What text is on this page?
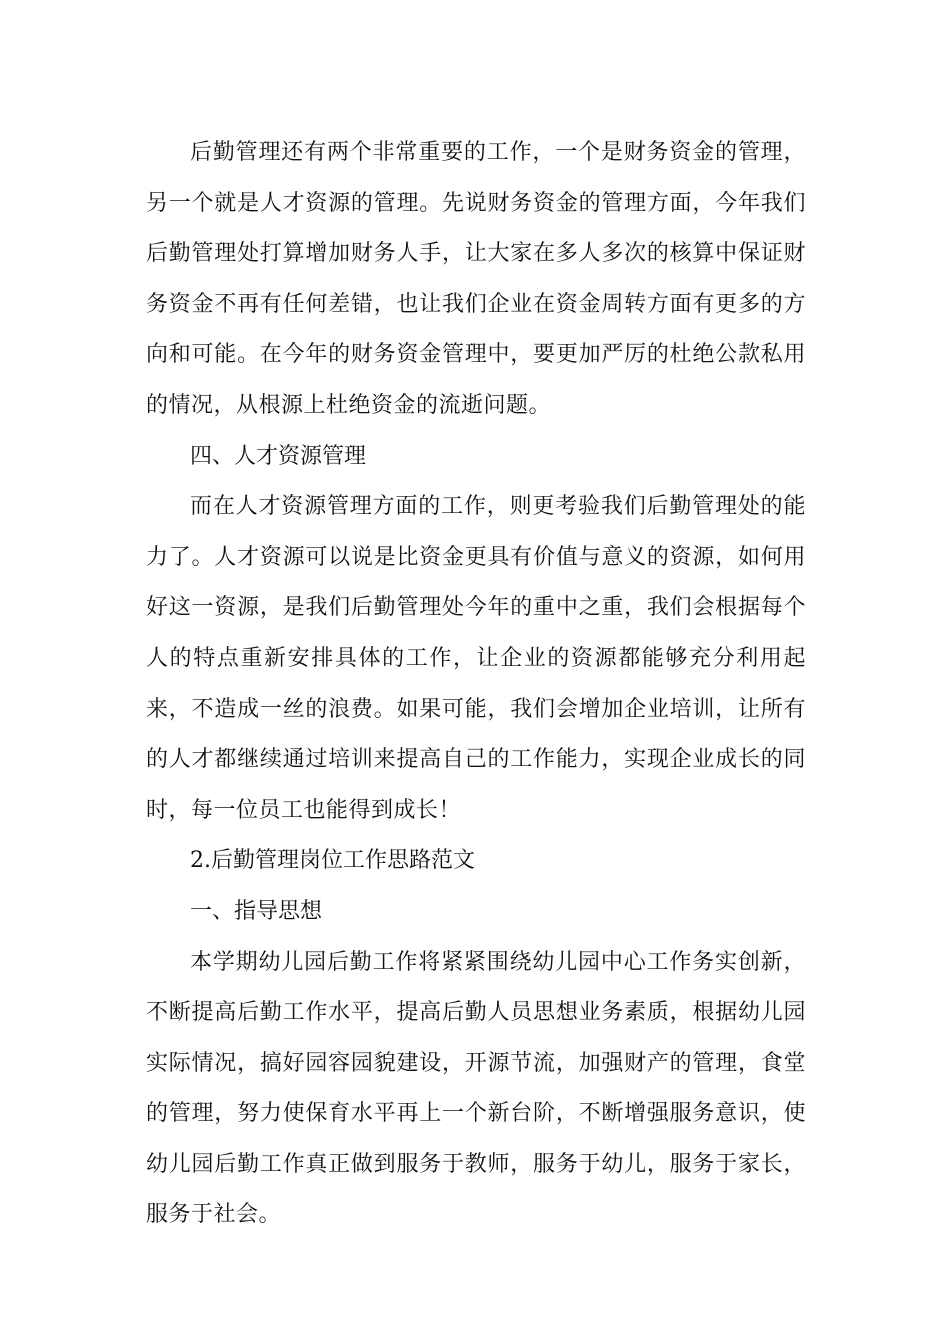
后勤管理还有两个非常重要的工作，一个是财务资金的管理，另一个就是人才资源的管理。先说财务资金的管理方面，今年我们后勤管理处打算增加财务人手，让大家在多人多次的核算中保证财务资金不再有任何差错，也让我们企业在资金周转方面有更多的方向和可能。在今年的财务资金管理中，要更加严厉的杜绝公款私用的情况，从根源上杜绝资金的流逝问题。

四、人才资源管理

而在人才资源管理方面的工作，则更考验我们后勤管理处的能力了。人才资源可以说是比资金更具有价值与意义的资源，如何用好这一资源，是我们后勤管理处今年的重中之重，我们会根据每个人的特点重新安排具体的工作，让企业的资源都能够充分利用起来，不造成一丝的浪费。如果可能，我们会增加企业培训，让所有的人才都继续通过培训来提高自己的工作能力，实现企业成长的同时，每一位员工也能得到成长！

2.后勤管理岗位工作思路范文

一、指导思想

本学期幼儿园后勤工作将紧紧围绕幼儿园中心工作务实创新，不断提高后勤工作水平，提高后勤人员思想业务素质，根据幼儿园实际情况，搞好园容园貌建设，开源节流，加强财产的管理，食堂的管理，努力使保育水平再上一个新台阶，不断增强服务意识，使幼儿园后勤工作真正做到服务于教师，服务于幼儿，服务于家长，服务于社会。
